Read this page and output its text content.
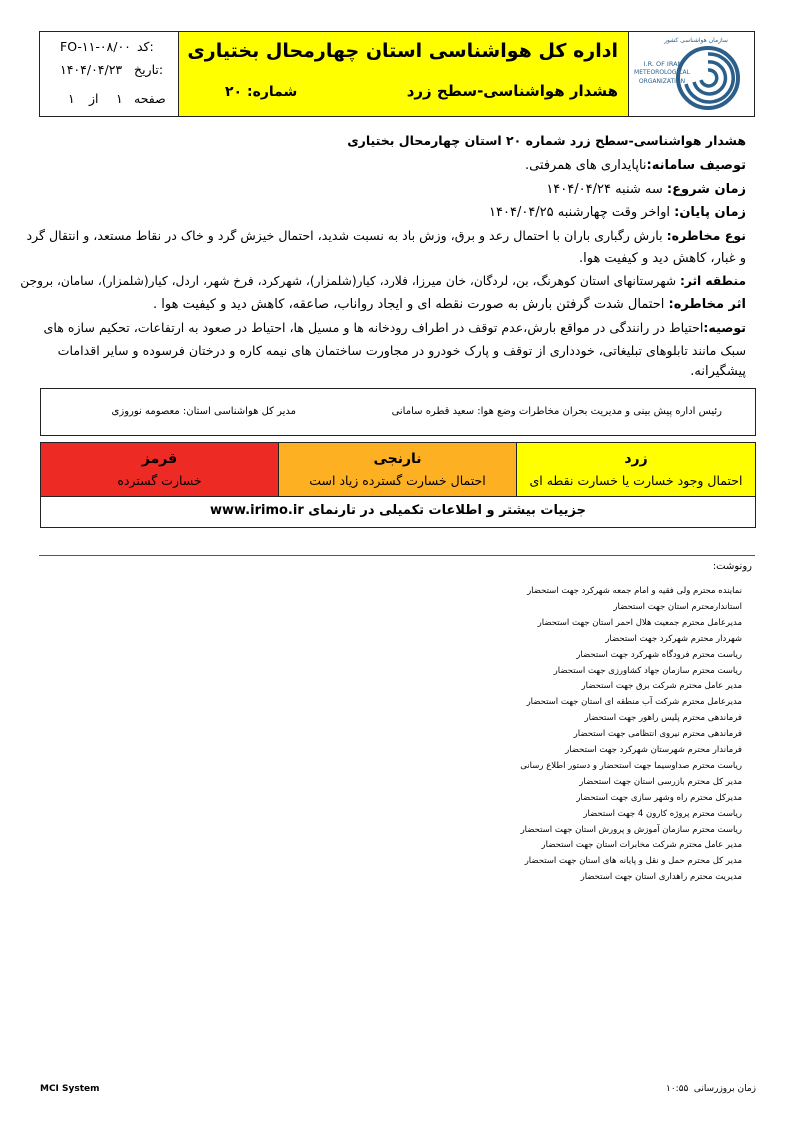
سازمان هواشناسی کشور
I.R. OF IRAN
METEOROLOGICAL
ORGANIZATION
اداره کل هواشناسی استان چهارمحال بختیاری
هشدار هواشناسی-سطح زرد
شماره: ۲۰
کد:
FO-۱۱-۰۸/۰۰
تاریخ:
۱۴۰۴/۰۴/۲۳
صفحه
۱
از
۱
هشدار هواشناسی-سطح زرد شماره ۲۰ استان چهارمحال بختیاری
توصیف سامانه:ناپایداری های همرفتی.
زمان شروع: سه شنبه ۱۴۰۴/۰۴/۲۴
زمان پایان: اواخر وقت چهارشنبه ۱۴۰۴/۰۴/۲۵
نوع مخاطره: بارش رگباری باران با احتمال رعد و برق، وزش باد به نسبت شدید، احتمال خیزش گرد و خاک در نقاط مستعد، و انتقال گرد
و غبار، کاهش دید و کیفیت هوا.
منطقه اثر: شهرستانهای استان کوهرنگ، بن، لردگان، خان میرزا، فلارد، کیار(شلمزار)، شهرکرد، فرخ شهر، اردل، کیار(شلمزار)، سامان، بروجن
اثر مخاطره: احتمال شدت گرفتن بارش به صورت نقطه ای و ایجاد رواناب، صاعقه، کاهش دید و کیفیت هوا .
توصیه:احتیاط در رانندگی در مواقع بارش،عدم توقف در اطراف رودخانه ها و مسیل ها، احتیاط در صعود به ارتفاعات، تحکیم سازه های
سبک مانند تابلوهای تبلیغاتی، خودداری از توقف و پارک خودرو در مجاورت ساختمان های نیمه کاره و درختان فرسوده و سایر اقدامات
پیشگیرانه.
رئیس اداره پیش بینی و مدیریت بحران مخاطرات وضع هوا: سعید قطره سامانی
مدیر کل هواشناسی استان: معصومه نوروزی
زرد
احتمال وجود خسارت یا خسارت نقطه ای
نارنجی
احتمال خسارت گسترده زیاد است
قرمز
خسارت گسترده
جزییات بیشتر و اطلاعات تکمیلی در تارنمای www.irimo.ir
رونوشت:
نماینده محترم ولی فقیه و امام جمعه شهرکرد جهت استحضار
استاندارمحترم استان جهت استحضار
مدیرعامل محترم جمعیت هلال احمر استان جهت استحضار
شهردار محترم شهرکرد جهت استحضار
ریاست محترم فرودگاه شهرکرد جهت استحضار
ریاست محترم سازمان جهاد کشاورزی جهت استحضار
مدیر عامل محترم شرکت برق جهت استحضار
مدیرعامل محترم شرکت آب منطقه ای استان جهت استحضار
فرماندهی محترم پلیس راهور جهت استحضار
فرماندهی محترم نیروی انتظامی جهت استحضار
فرماندار محترم شهرستان شهرکرد جهت استحضار
ریاست محترم صداوسیما جهت استحضار و دستور اطلاع رسانی
مدیر کل محترم بازرسی استان جهت استحضار
مدیرکل محترم راه وشهر سازی جهت استحضار
ریاست محترم پروژه کارون 4 جهت استحضار
ریاست محترم سازمان آموزش و پرورش استان جهت استحضار
مدیر عامل محترم شرکت مخابرات استان جهت استحضار
مدیر کل محترم حمل و نقل و پایانه های استان جهت استحضار
مدیریت محترم راهداری استان جهت استحضار
MCI System	۱۰:۵۵ زمان بروزرسانی
